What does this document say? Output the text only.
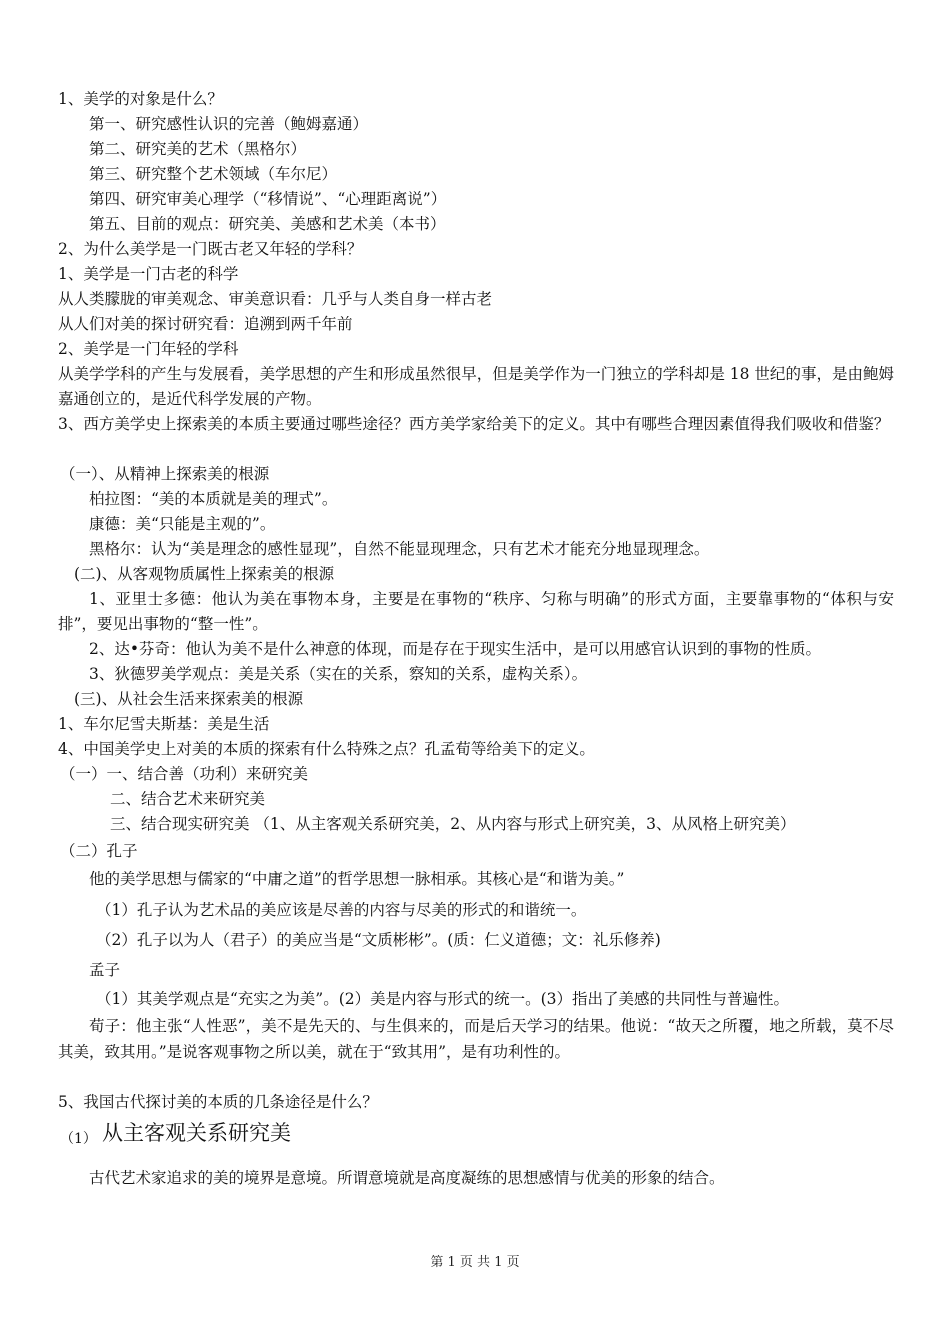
1、美学的对象是什么？
第一、研究感性认识的完善（鲍姆嘉通）
第二、研究美的艺术（黑格尔）
第三、研究整个艺术领域（车尔尼）
第四、研究审美心理学（“移情说”、“心理距离说”）
第五、目前的观点：研究美、美感和艺术美（本书）
2、为什么美学是一门既古老又年轻的学科？
1、美学是一门古老的科学
从人类朦胧的审美观念、审美意识看：几乎与人类自身一样古老
从人们对美的探讨研究看：追溯到两千年前
2、美学是一门年轻的学科
从美学学科的产生与发展看，美学思想的产生和形成虽然很早，但是美学作为一门独立的学科却是 18 世纪的事，是由鲍姆嘉通创立的，是近代科学发展的产物。
3、西方美学史上探索美的本质主要通过哪些途径？西方美学家给美下的定义。其中有哪些合理因素值得我们吸收和借鉴？
（一）、从精神上探索美的根源
柏拉图：“美的本质就是美的理式”。
康德：美“只能是主观的”。
黑格尔：认为“美是理念的感性显现”，自然不能显现理念，只有艺术才能充分地显现理念。
(二)、从客观物质属性上探索美的根源
1、亚里士多德：他认为美在事物本身，主要是在事物的“秩序、匀称与明确”的形式方面，主要靠事物的“体积与安排”，要见出事物的“整一性”。
2、达•芬奇：他认为美不是什么神意的体现，而是存在于现实生活中，是可以用感官认识到的事物的性质。
3、狄德罗美学观点：美是关系（实在的关系，察知的关系，虚构关系）。
(三)、从社会生活来探索美的根源
1、车尔尼雪夫斯基：美是生活
4、中国美学史上对美的本质的探索有什么特殊之点？孔孟荀等给美下的定义。
（一）一、结合善（功利）来研究美
二、结合艺术来研究美
三、结合现实研究美 （1、从主客观关系研究美，2、从内容与形式上研究美，3、从风格上研究美）
（二）孔子
他的美学思想与儒家的“中庸之道”的哲学思想一脉相承。其核心是“和谐为美。”
（1）孔子认为艺术品的美应该是尽善的内容与尽美的形式的和谐统一。
（2）孔子以为人（君子）的美应当是“文质彬彬”。(质：仁义道德；文：礼乐修养)
孟子
（1）其美学观点是“充实之为美”。(2）美是内容与形式的统一。(3）指出了美感的共同性与普遍性。
荀子：他主张“人性恶”，美不是先天的、与生俱来的，而是后天学习的结果。他说：“故天之所覆，地之所载，莫不尽其美，致其用。”是说客观事物之所以美，就在于“致其用”，是有功利性的。
5、我国古代探讨美的本质的几条途径是什么？
（1） 从主客观关系研究美
古代艺术家追求的美的境界是意境。所谓意境就是高度凝练的思想感情与优美的形象的结合。
第 1 页 共 1 页
